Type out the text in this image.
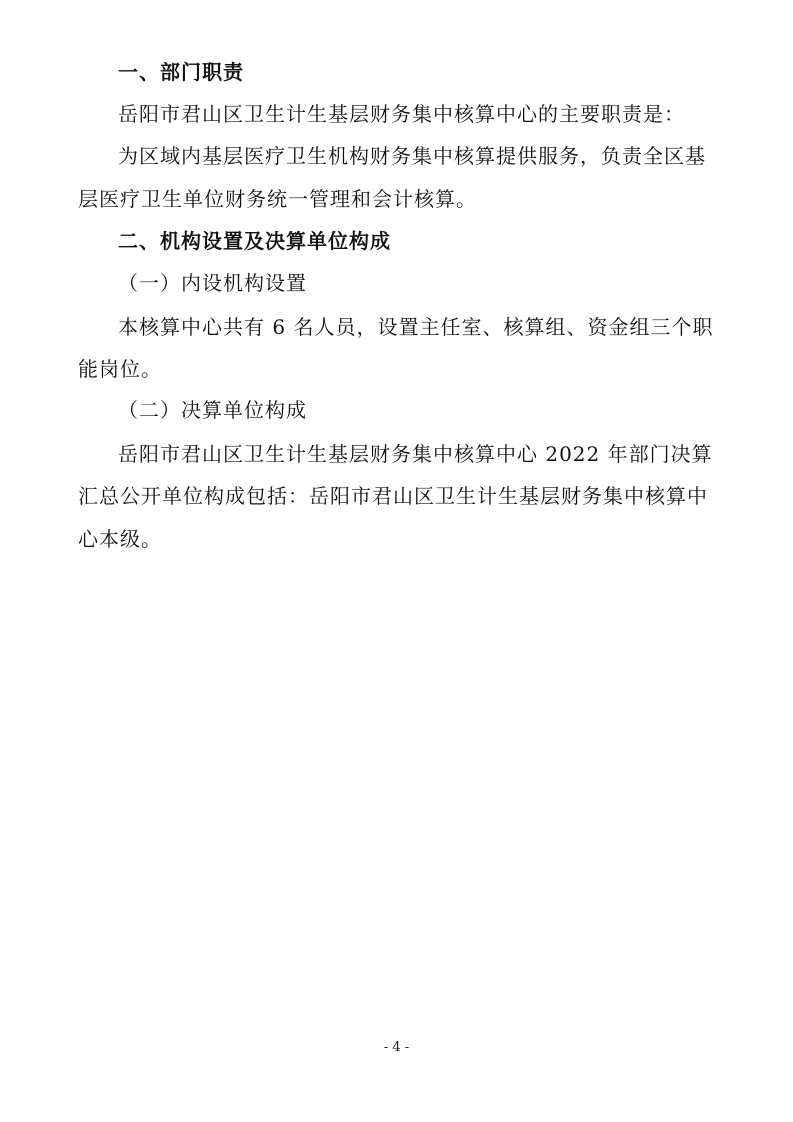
一、部门职责
岳阳市君山区卫生计生基层财务集中核算中心的主要职责是：
为区域内基层医疗卫生机构财务集中核算提供服务，负责全区基
层医疗卫生单位财务统一管理和会计核算。
二、机构设置及决算单位构成
（一）内设机构设置
本核算中心共有 6 名人员，设置主任室、核算组、资金组三个职
能岗位。
（二）决算单位构成
岳阳市君山区卫生计生基层财务集中核算中心 2022 年部门决算
汇总公开单位构成包括：岳阳市君山区卫生计生基层财务集中核算中
心本级。
- 4 -
